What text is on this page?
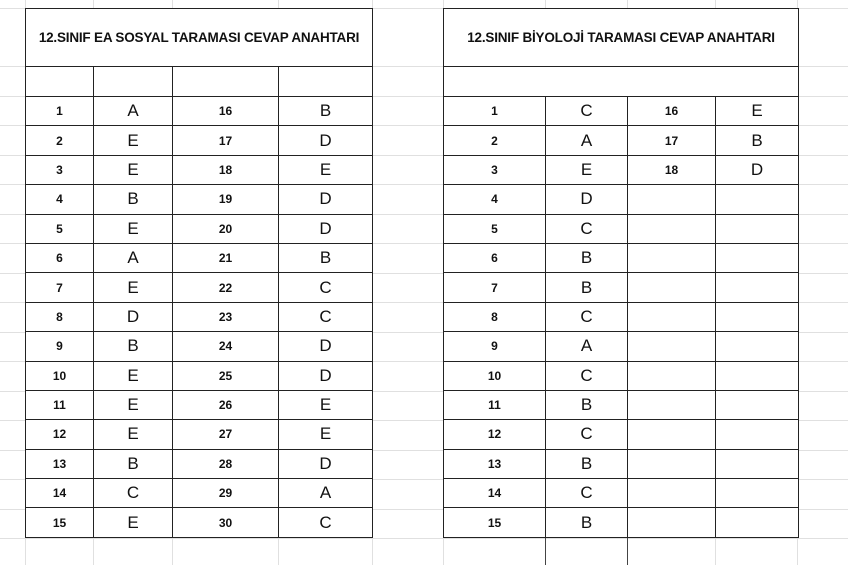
12.SINIF EA SOSYAL TARAMASI CEVAP ANAHTARI			

1	A	16	B
2	E	17	D
3	E	18	E
4	B	19	D
5	E	20	D
6	A	21	B
7	E	22	C
8	D	23	C
9	B	24	D
10	E	25	D
11	E	26	E
12	E	27	E
13	B	28	D
14	C	29	A
15	E	30	C
12.SINIF BİYOLOJİ TARAMASI CEVAP ANAHTARI			

1	C	16	E
2	A	17	B
3	E	18	D
4	D		
5	C		
6	B		
7	B		
8	C		
9	A		
10	C		
11	B		
12	C		
13	B		
14	C		
15	B		
